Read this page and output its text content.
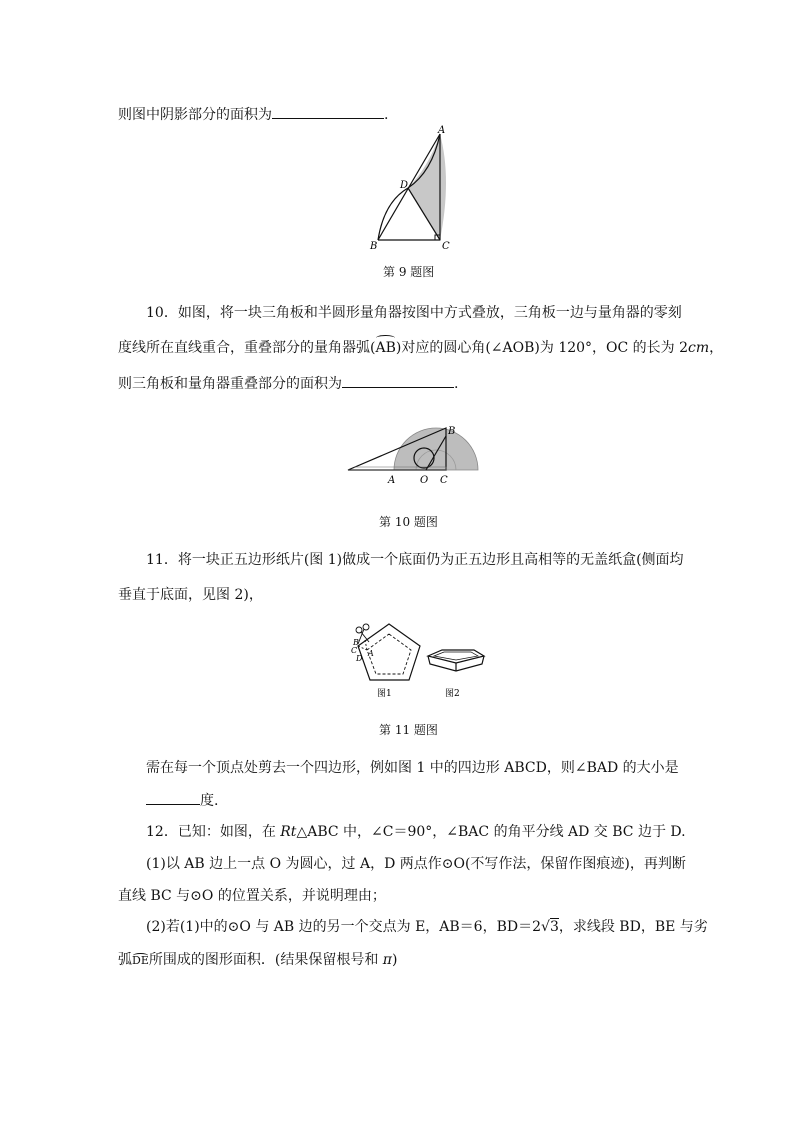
则图中阴影部分的面积为	.
A
D
B	C
第 9 题图
10．如图，将一块三角板和半圆形量角器按图中方式叠放，三角板一边与量角器的零刻
度线所在直线重合，重叠部分的量角器弧(
AB)对应的圆心角(∠AOB)为 120°，OC 的长为 2cm，
则三角板和量角器重叠部分的面积为	.
B
A O C
第 10 题图
11．将一块正五边形纸片(图 1)做成一个底面仍为正五边形且高相等的无盖纸盒(侧面均
垂直于底面，见图 2)，
B
C A
D
图1	图2
第 11 题图
需在每一个顶点处剪去一个四边形，例如图 1 中的四边形 ABCD，则∠BAD 的大小是
度.
12．已知：如图，在 Rt△ABC 中，∠C＝90°，∠BAC 的角平分线 AD 交 BC 边于 D.
(1)以 AB 边上一点 O 为圆心，过 A，D 两点作⊙O(不写作法，保留作图痕迹)，再判断
直线 BC 与⊙O 的位置关系，并说明理由；
(2)若(1)中的⊙O 与 AB 边的另一个交点为 E，AB＝6，BD＝2√3，求线段 BD，BE 与劣
弧
DE所围成的图形面积．(结果保留根号和 π)
